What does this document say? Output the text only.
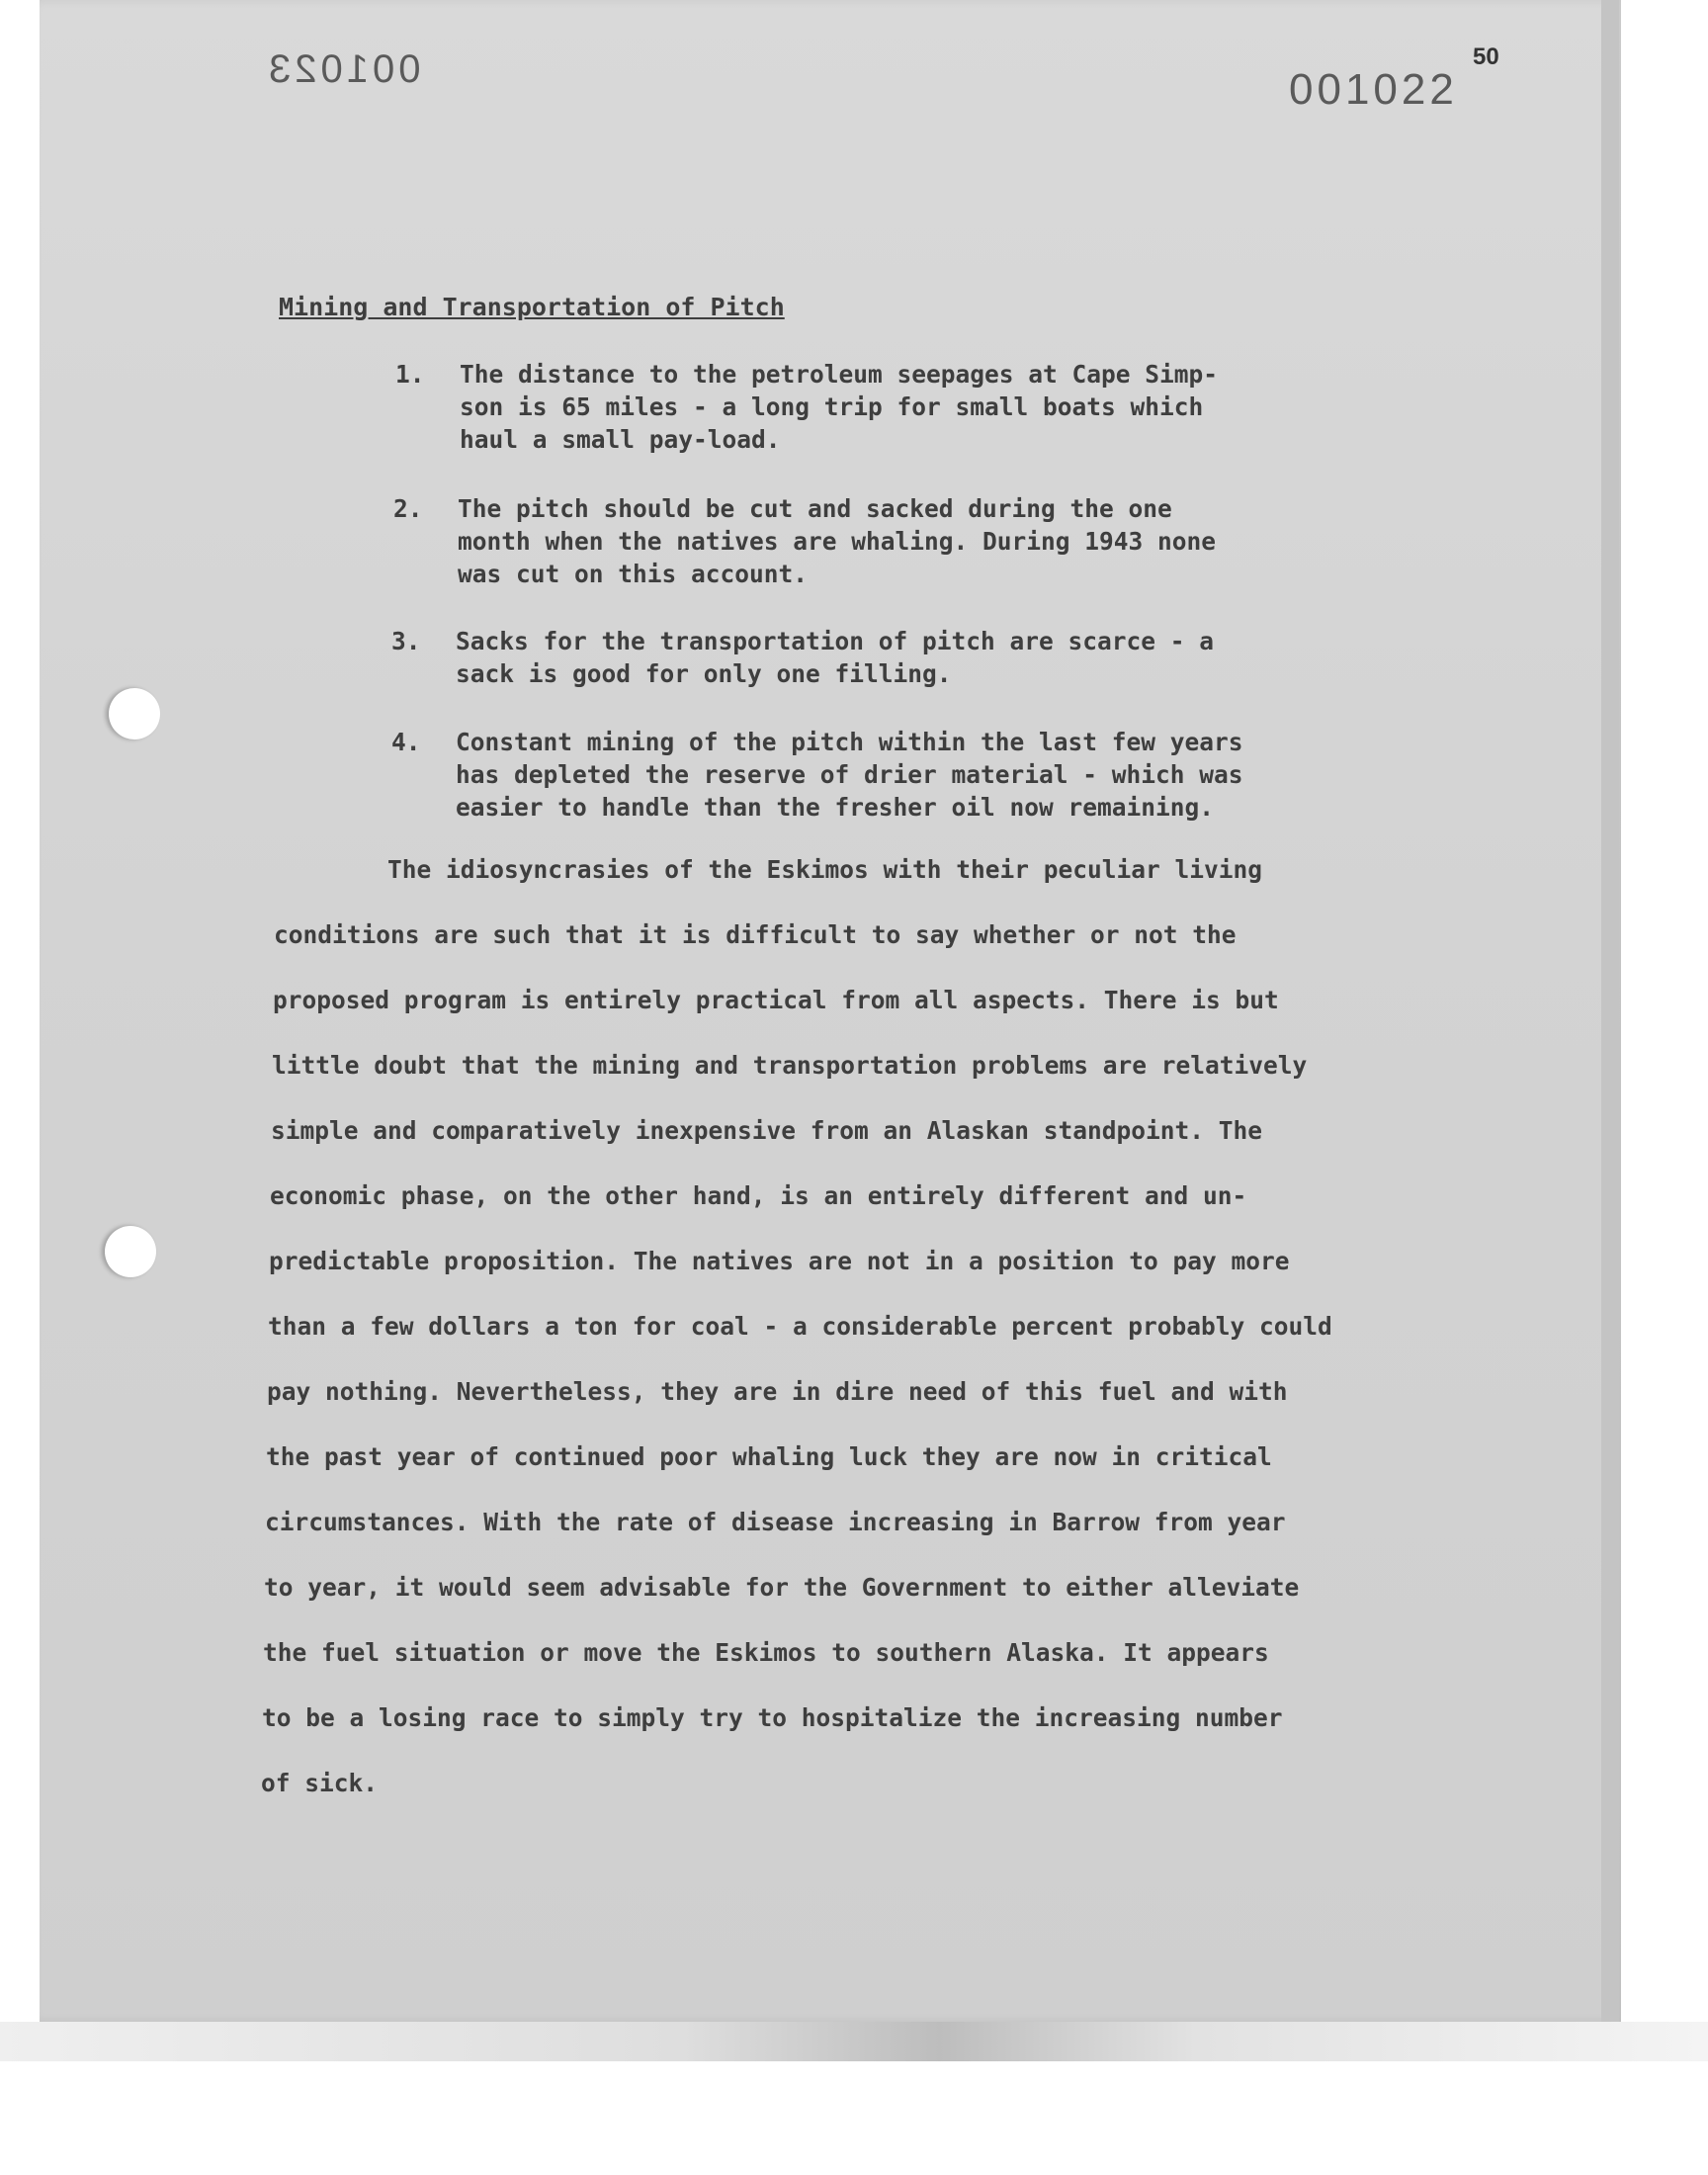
001023	001022
50
Mining and Transportation of Pitch
1. The distance to the petroleum seepages at Cape Simp-
son is 65 miles - a long trip for small boats which
haul a small pay-load.
2. The pitch should be cut and sacked during the one
month when the natives are whaling. During 1943 none
was cut on this account.
3. Sacks for the transportation of pitch are scarce - a
sack is good for only one filling.
4. Constant mining of the pitch within the last few years
has depleted the reserve of drier material - which was
easier to handle than the fresher oil now remaining.
The idiosyncrasies of the Eskimos with their peculiar living
conditions are such that it is difficult to say whether or not the
proposed program is entirely practical from all aspects. There is but
little doubt that the mining and transportation problems are relatively
simple and comparatively inexpensive from an Alaskan standpoint. The
economic phase, on the other hand, is an entirely different and un-
predictable proposition. The natives are not in a position to pay more
than a few dollars a ton for coal - a considerable percent probably could
pay nothing. Nevertheless, they are in dire need of this fuel and with
the past year of continued poor whaling luck they are now in critical
circumstances. With the rate of disease increasing in Barrow from year
to year, it would seem advisable for the Government to either alleviate
the fuel situation or move the Eskimos to southern Alaska. It appears
to be a losing race to simply try to hospitalize the increasing number
of sick.
